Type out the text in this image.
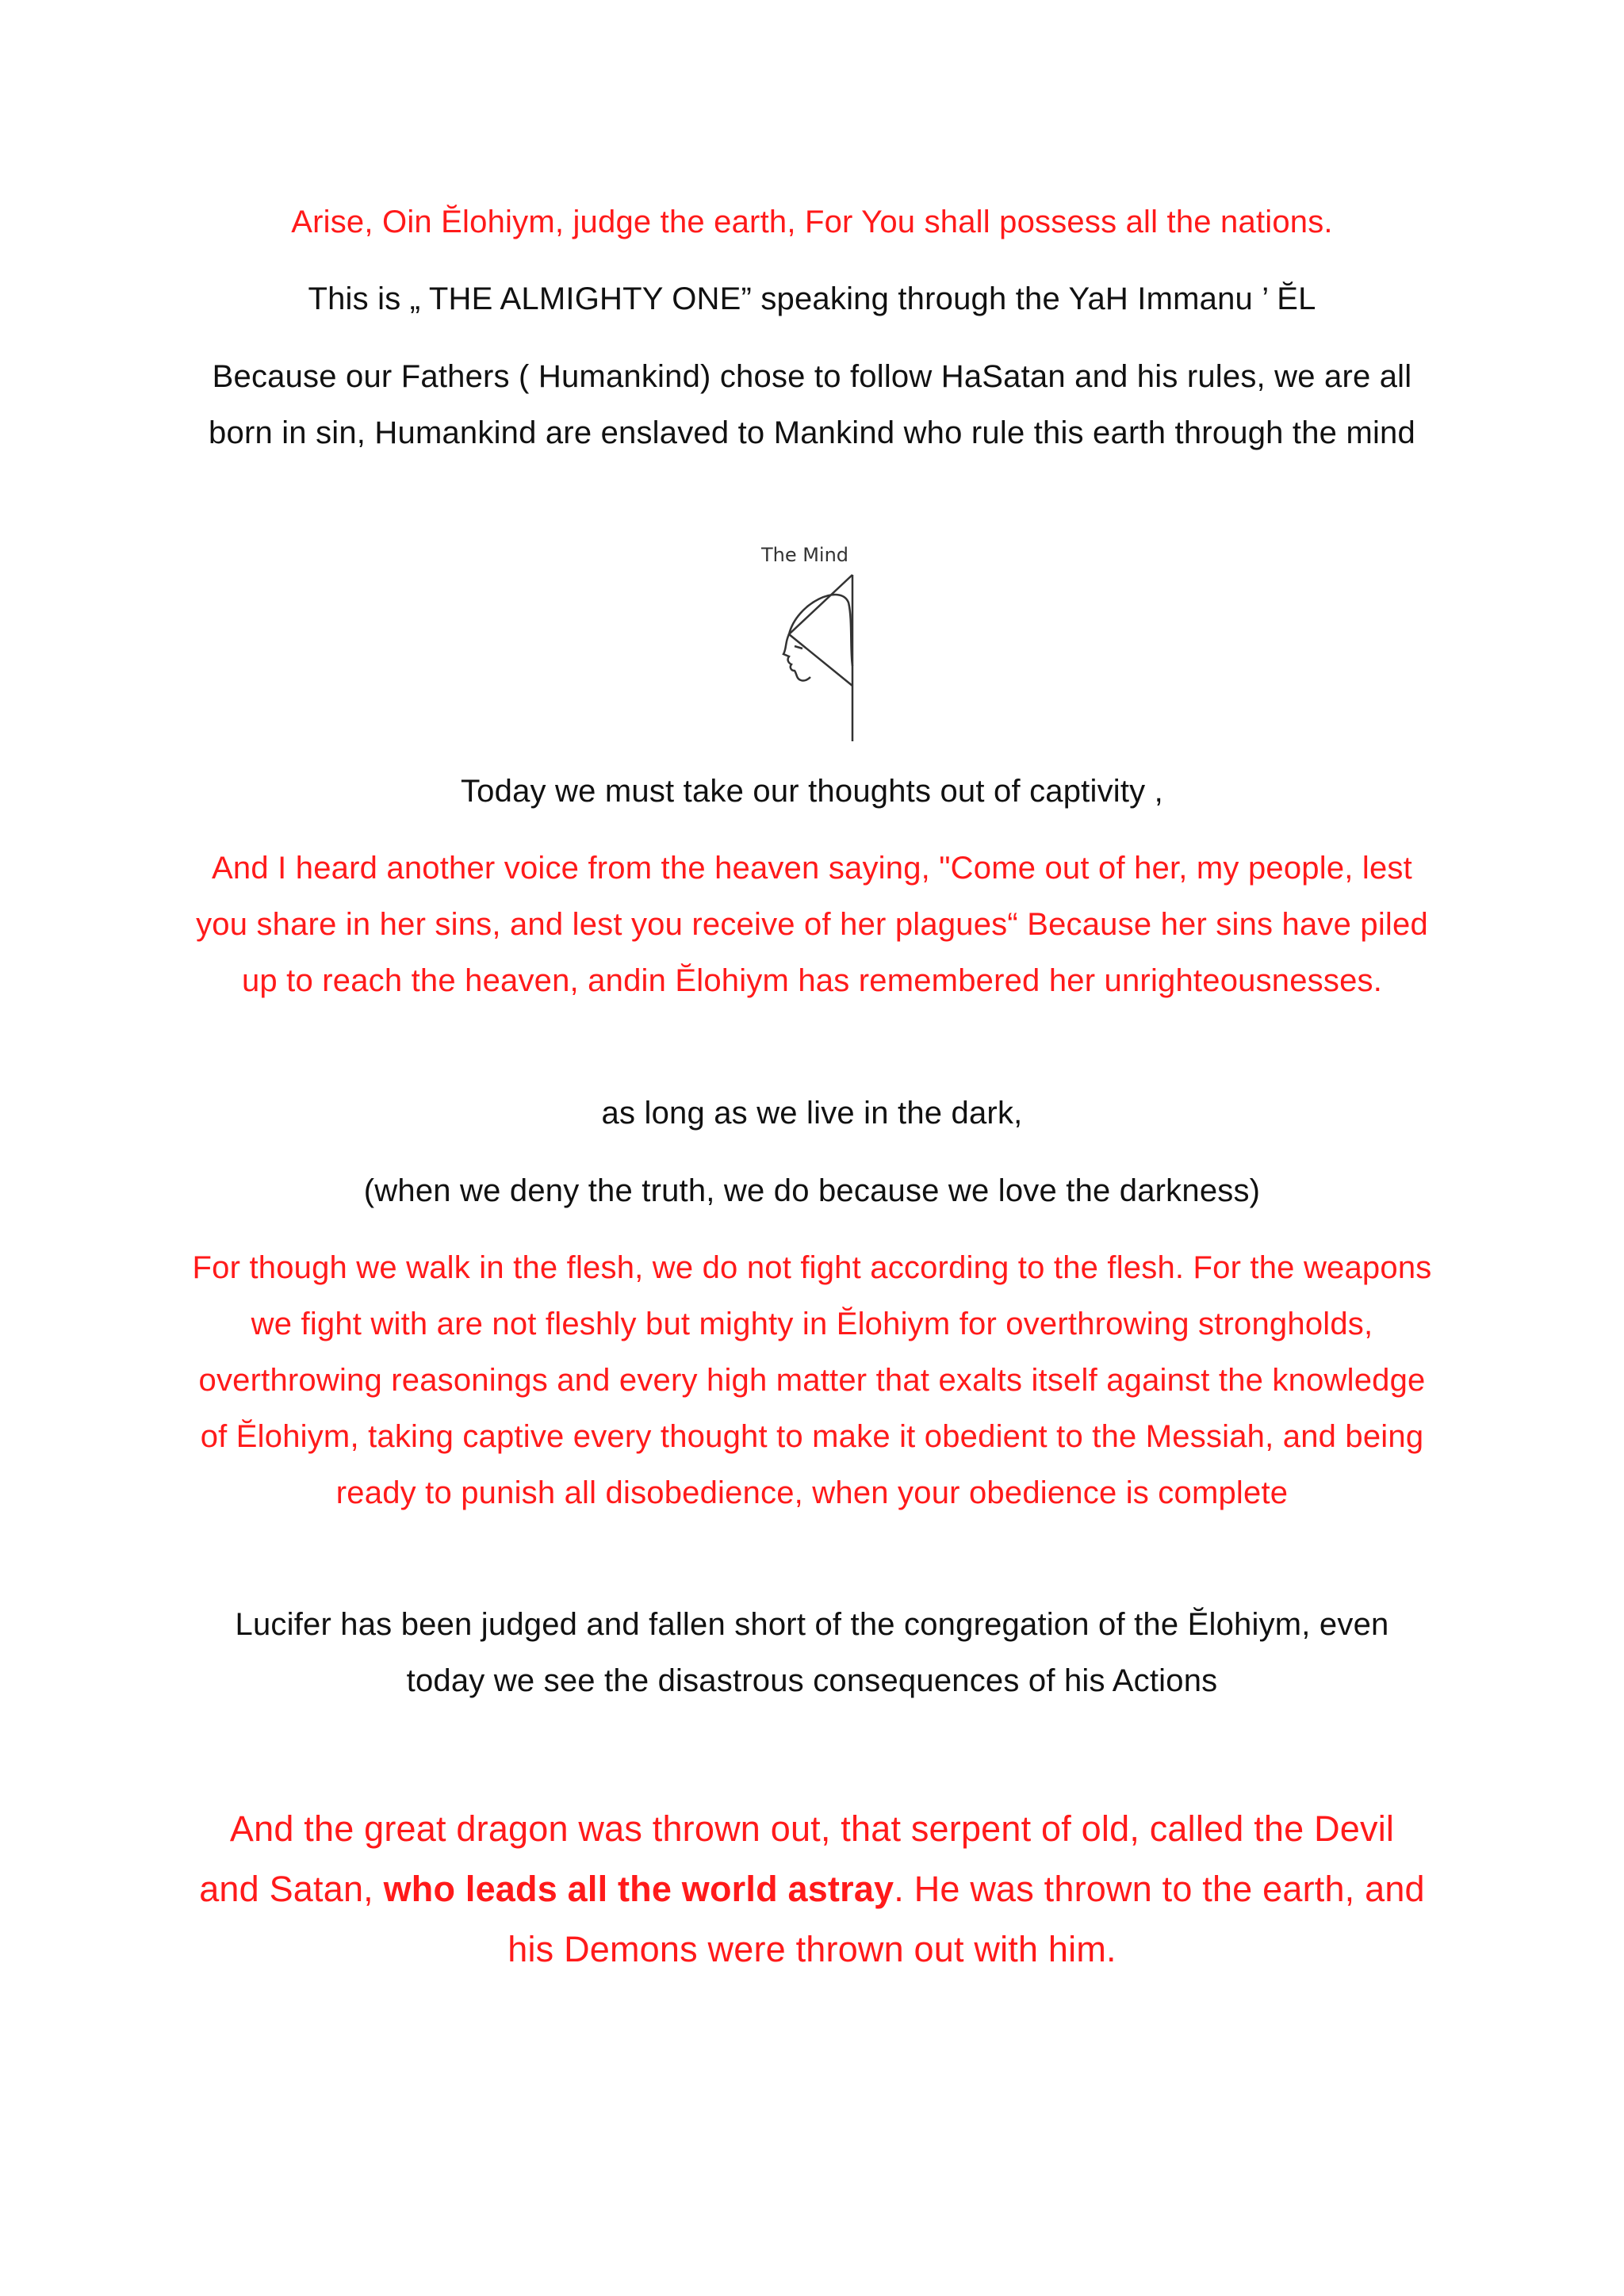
Arise, Oin Ĕlohiym, judge the earth, For You shall possess all the nations.

This is „ THE ALMIGHTY ONE” speaking through the YaH Immanu ’ ĔL

Because our Fathers ( Humankind) chose to follow HaSatan and his rules, we are all born in sin, Humankind are enslaved to Mankind who rule this earth through the mind

The Mind

Today we must take our thoughts out of captivity ,

And I heard another voice from the heaven saying, "Come out of her, my people, lest you share in her sins, and lest you receive of her plagues“ Because her sins have piled up to reach the heaven, andin Ĕlohiym has remembered her unrighteousnesses.

as long as we live in the dark,

(when we deny the truth, we do because we love the darkness)

For though we walk in the flesh, we do not fight according to the flesh. For the weapons we fight with are not fleshly but mighty in Ĕlohiym for overthrowing strongholds, overthrowing reasonings and every high matter that exalts itself against the knowledge of Ĕlohiym, taking captive every thought to make it obedient to the Messiah, and being ready to punish all disobedience, when your obedience is complete

Lucifer has been judged and fallen short of the congregation of the Ĕlohiym, even today we see the disastrous consequences of his Actions

And the great dragon was thrown out, that serpent of old, called the Devil and Satan, who leads all the world astray. He was thrown to the earth, and his Demons were thrown out with him.
